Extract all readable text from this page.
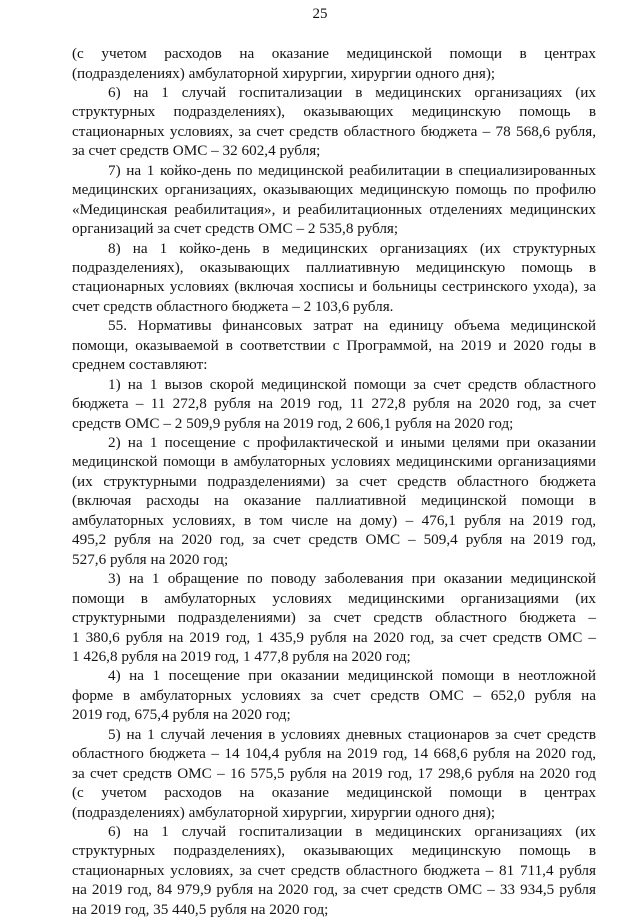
25
(с учетом расходов на оказание медицинской помощи в центрах
(подразделениях) амбулаторной хирургии, хирургии одного дня);
6) на 1 случай госпитализации в медицинских организациях (их
структурных подразделениях), оказывающих медицинскую помощь в
стационарных условиях, за счет средств областного бюджета – 78 568,6 рубля,
за счет средств ОМС – 32 602,4 рубля;
7) на 1 койко-день по медицинской реабилитации в специализированных
медицинских организациях, оказывающих медицинскую помощь по профилю
«Медицинская реабилитация», и реабилитационных отделениях медицинских
организаций за счет средств ОМС – 2 535,8 рубля;
8) на 1 койко-день в медицинских организациях (их структурных
подразделениях), оказывающих паллиативную медицинскую помощь в
стационарных условиях (включая хосписы и больницы сестринского ухода), за
счет средств областного бюджета – 2 103,6 рубля.
55. Нормативы финансовых затрат на единицу объема медицинской
помощи, оказываемой в соответствии с Программой, на 2019 и 2020 годы в
среднем составляют:
1) на 1 вызов скорой медицинской помощи за счет средств областного
бюджета – 11 272,8 рубля на 2019 год, 11 272,8 рубля на 2020 год, за счет
средств ОМС – 2 509,9 рубля на 2019 год, 2 606,1 рубля на 2020 год;
2) на 1 посещение с профилактической и иными целями при оказании
медицинской помощи в амбулаторных условиях медицинскими организациями
(их структурными подразделениями) за счет средств областного бюджета
(включая расходы на оказание паллиативной медицинской помощи в
амбулаторных условиях, в том числе на дому) – 476,1 рубля на 2019 год,
495,2 рубля на 2020 год, за счет средств ОМС – 509,4 рубля на 2019 год,
527,6 рубля на 2020 год;
3) на 1 обращение по поводу заболевания при оказании медицинской
помощи в амбулаторных условиях медицинскими организациями (их
структурными подразделениями) за счет средств областного бюджета –
1 380,6 рубля на 2019 год, 1 435,9 рубля на 2020 год, за счет средств ОМС –
1 426,8 рубля на 2019 год, 1 477,8 рубля на 2020 год;
4) на 1 посещение при оказании медицинской помощи в неотложной
форме в амбулаторных условиях за счет средств ОМС – 652,0 рубля на
2019 год, 675,4 рубля на 2020 год;
5) на 1 случай лечения в условиях дневных стационаров за счет средств
областного бюджета – 14 104,4 рубля на 2019 год, 14 668,6 рубля на 2020 год,
за счет средств ОМС – 16 575,5 рубля на 2019 год, 17 298,6 рубля на 2020 год
(с учетом расходов на оказание медицинской помощи в центрах
(подразделениях) амбулаторной хирургии, хирургии одного дня);
6) на 1 случай госпитализации в медицинских организациях (их
структурных подразделениях), оказывающих медицинскую помощь в
стационарных условиях, за счет средств областного бюджета – 81 711,4 рубля
на 2019 год, 84 979,9 рубля на 2020 год, за счет средств ОМС – 33 934,5 рубля
на 2019 год, 35 440,5 рубля на 2020 год;
